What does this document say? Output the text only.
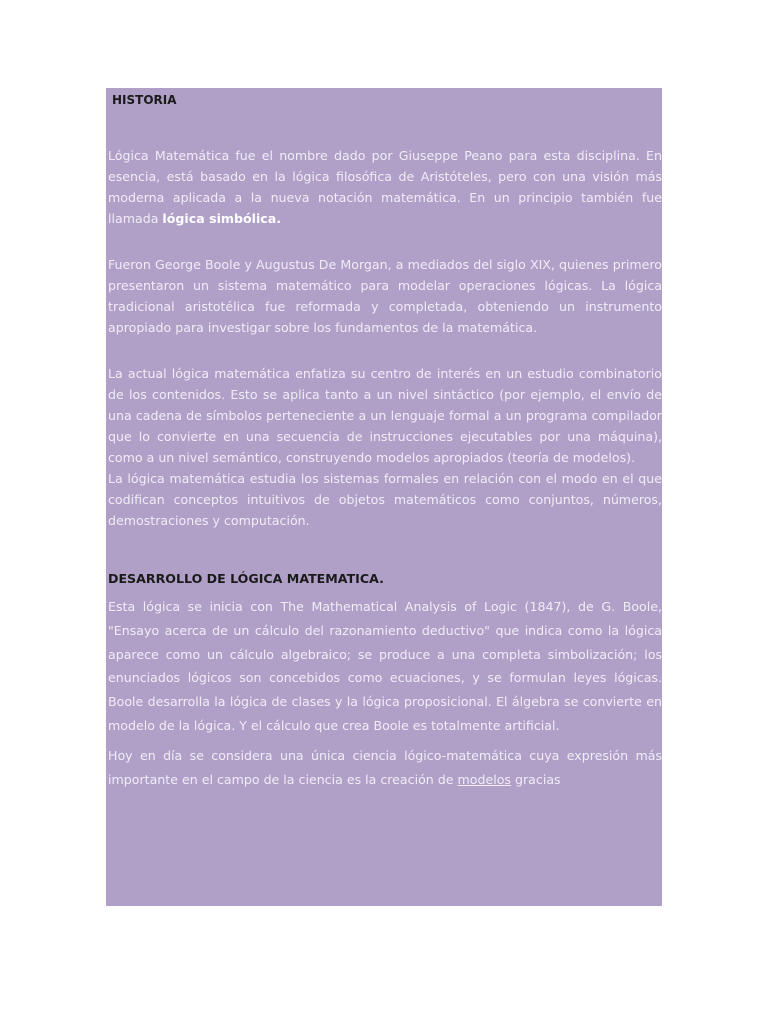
HISTORIA

Lógica Matemática fue el nombre dado por Giuseppe Peano para esta disciplina. En esencia, está basado en la lógica filosófica de Aristóteles, pero con una visión más moderna aplicada a la nueva notación matemática. En un principio también fue llamada lógica simbólica.

Fueron George Boole y Augustus De Morgan, a mediados del siglo XIX, quienes primero presentaron un sistema matemático para modelar operaciones lógicas. La lógica tradicional aristotélica fue reformada y completada, obteniendo un instrumento apropiado para investigar sobre los fundamentos de la matemática.

La actual lógica matemática enfatiza su centro de interés en un estudio combinatorio de los contenidos. Esto se aplica tanto a un nivel sintáctico (por ejemplo, el envío de una cadena de símbolos perteneciente a un lenguaje formal a un programa compilador que lo convierte en una secuencia de instrucciones ejecutables por una máquina), como a un nivel semántico, construyendo modelos apropiados (teoría de modelos).

La lógica matemática estudia los sistemas formales en relación con el modo en el que codifican conceptos intuitivos de objetos matemáticos como conjuntos, números, demostraciones y computación.

DESARROLLO DE LÓGICA MATEMATICA.

Esta lógica se inicia con The Mathematical Analysis of Logic (1847), de G. Boole, "Ensayo acerca de un cálculo del razonamiento deductivo" que indica como la lógica aparece como un cálculo algebraico; se produce a una completa simbolización; los enunciados lógicos son concebidos como ecuaciones, y se formulan leyes lógicas. Boole desarrolla la lógica de clases y la lógica proposicional. El álgebra se convierte en modelo de la lógica. Y el cálculo que crea Boole es totalmente artificial.

Hoy en día se considera una única ciencia lógico-matemática cuya expresión más importante en el campo de la ciencia es la creación de modelos gracias
